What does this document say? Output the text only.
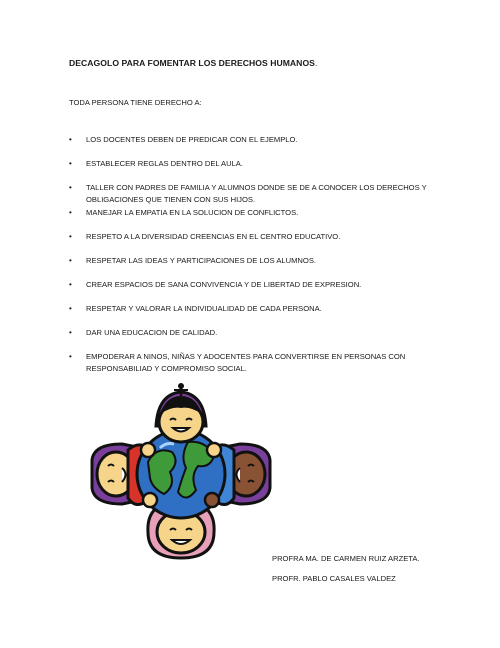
DECAGOLO PARA FOMENTAR LOS DERECHOS HUMANOS.
TODA PERSONA TIENE DERECHO A:
• LOS DOCENTES DEBEN DE PREDICAR CON EL EJEMPLO.
• ESTABLECER REGLAS DENTRO DEL AULA.
• TALLER CON PADRES DE FAMILIA Y ALUMNOS DONDE SE DE A CONOCER LOS DERECHOS Y OBLIGACIONES QUE TIENEN CON SUS HIJOS.
• MANEJAR LA EMPATIA EN LA SOLUCION DE CONFLICTOS.
• RESPETO A LA DIVERSIDAD CREENCIAS EN EL CENTRO EDUCATIVO.
• RESPETAR LAS IDEAS Y PARTICIPACIONES DE LOS ALUMNOS.
• CREAR ESPACIOS DE SANA CONVIVENCIA Y DE LIBERTAD DE EXPRESION.
• RESPETAR Y VALORAR LA INDIVIDUALIDAD DE CADA PERSONA.
• DAR UNA EDUCACION DE CALIDAD.
• EMPODERAR A NINOS, NIÑAS Y ADOCENTES PARA CONVERTIRSE EN PERSONAS CON RESPONSABILIAD Y COMPROMISO SOCIAL.
PROFRA MA. DE CARMEN RUIZ ARZETA.
PROFR. PABLO CASALES VALDEZ
